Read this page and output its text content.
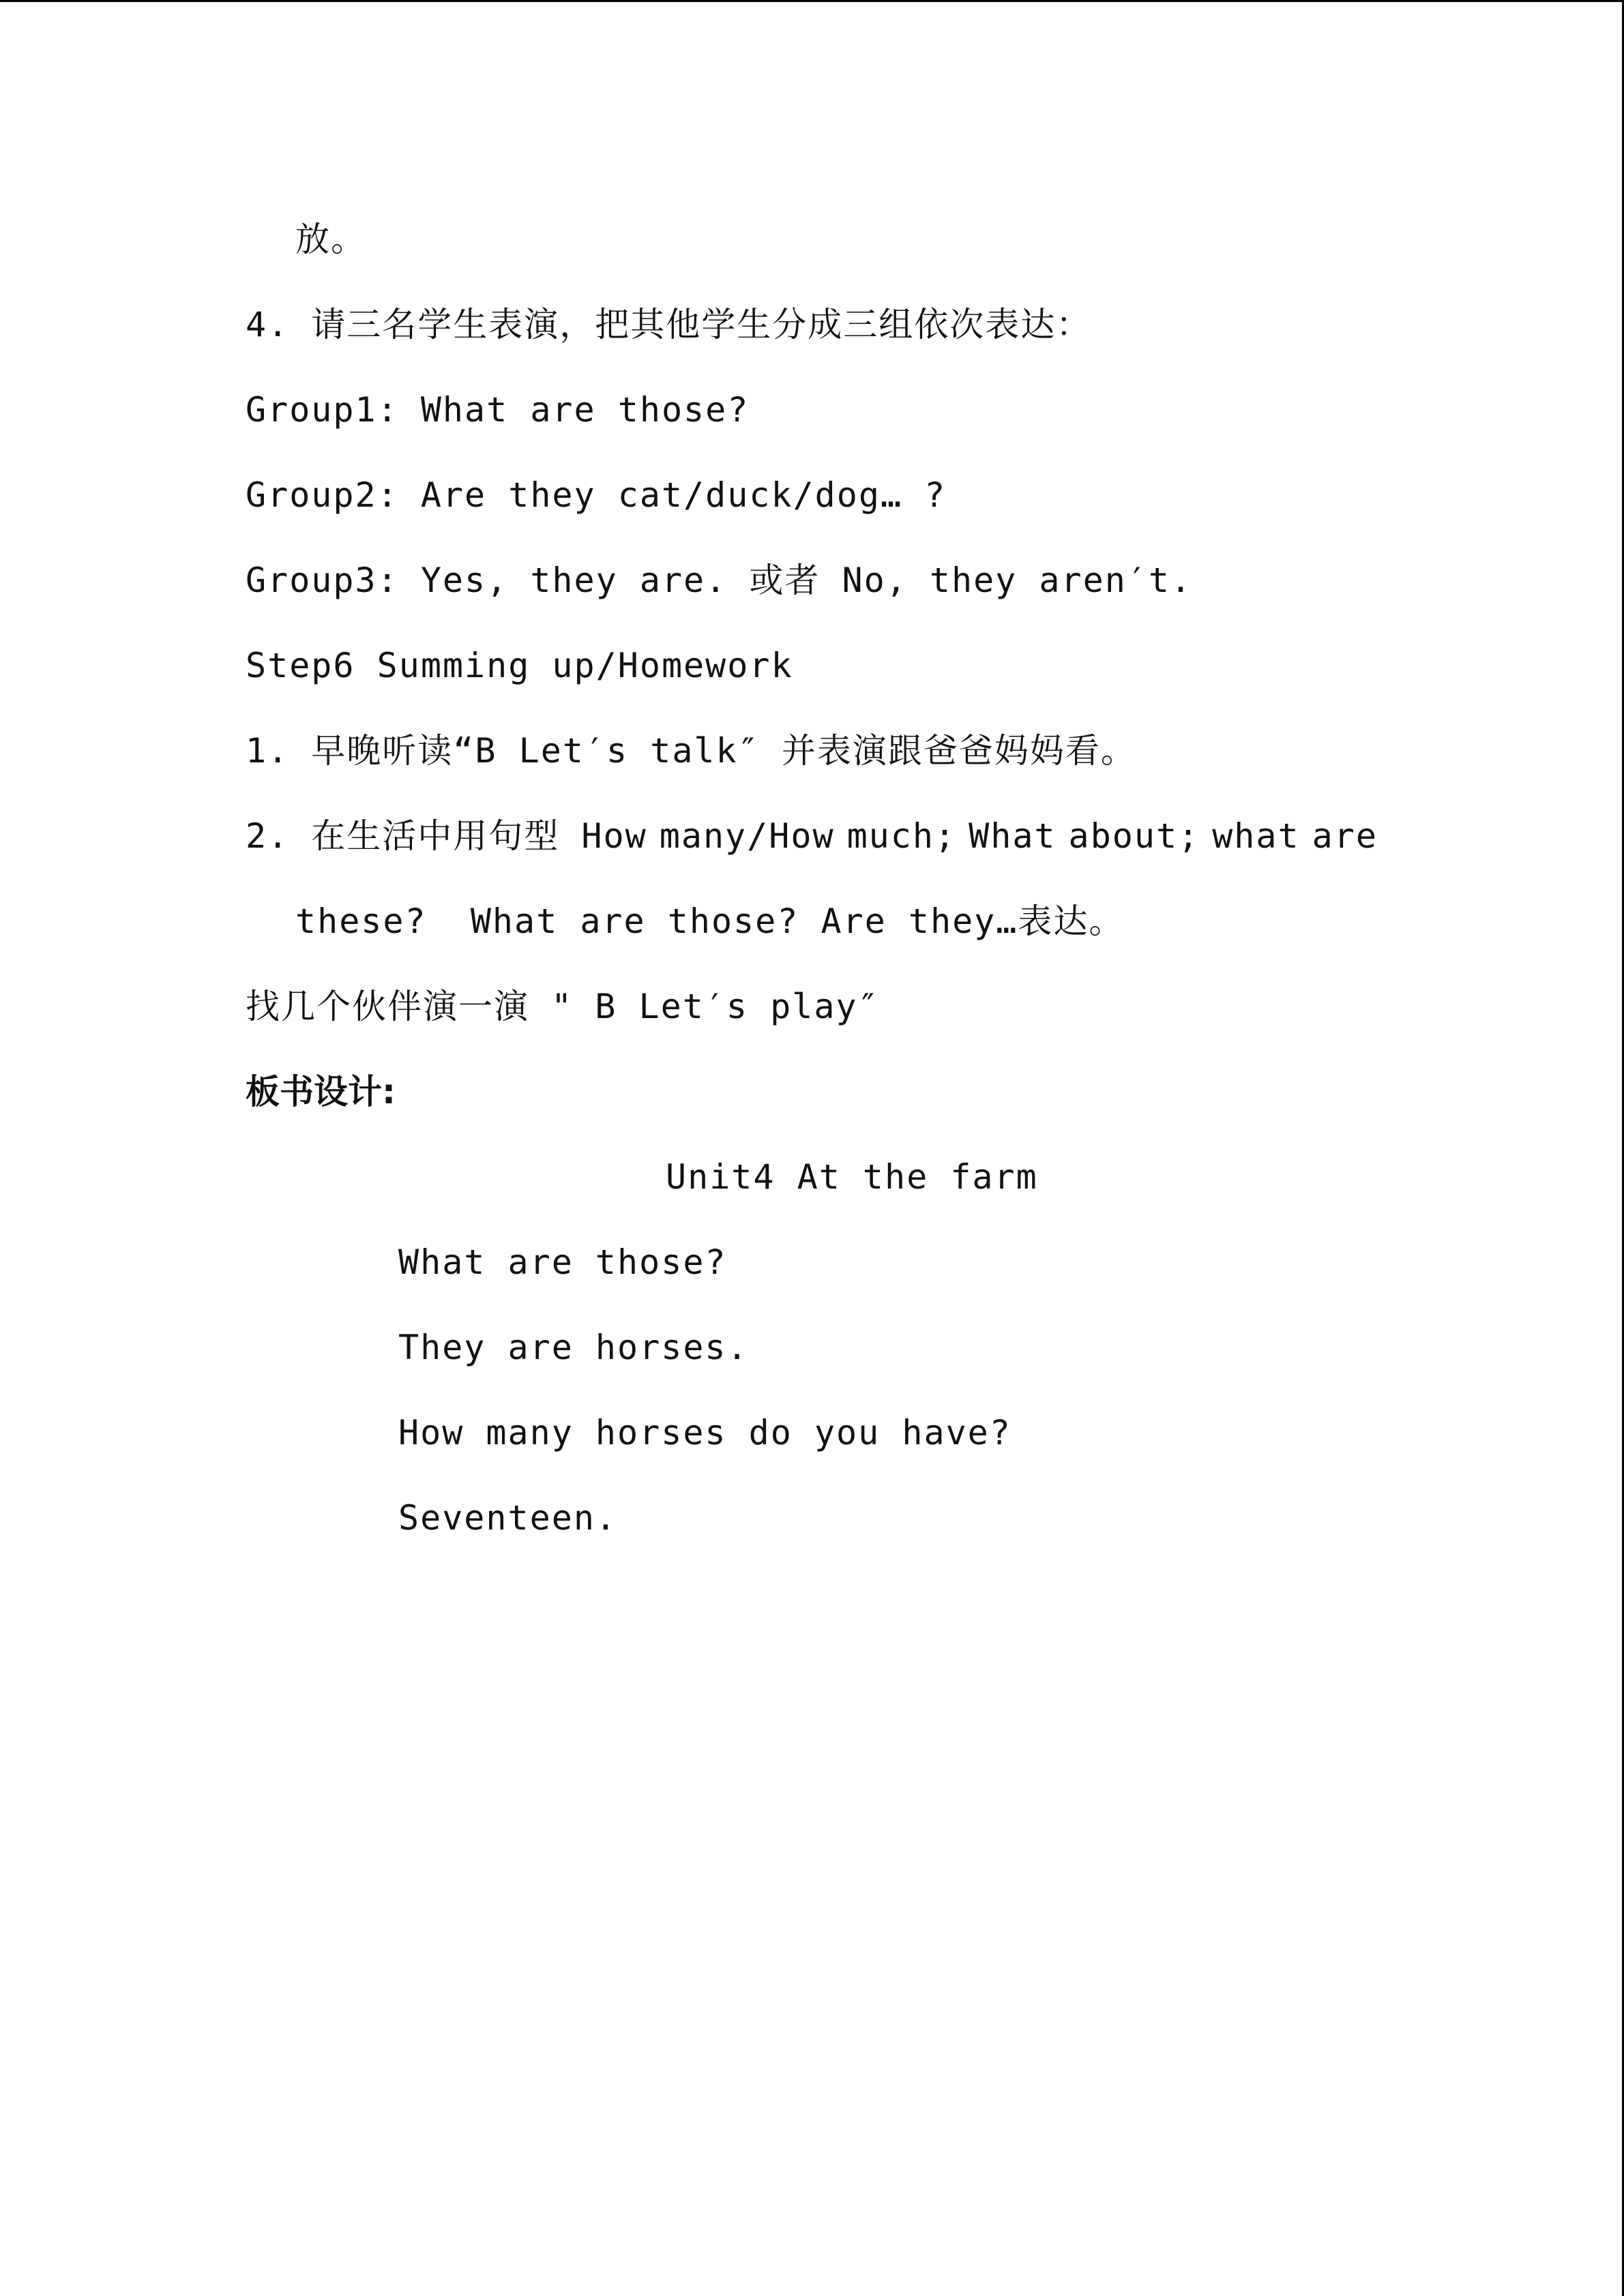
放。
4. 请三名学生表演，把其他学生分成三组依次表达：
Group1: What are those?
Group2: Are they cat/duck/dog… ?
Group3: Yes, they are. 或者 No, they aren′t.
Step6 Summing up/Homework
1. 早晚听读“B Let′s talk″ 并表演跟爸爸妈妈看。
2. 在生活中用句型 How many/How much; What about; what are
these?  What are those? Are they…表达。
找几个伙伴演一演 " B Let′s play″
板书设计:
Unit4 At the farm
What are those?
They are horses.
How many horses do you have?
Seventeen.
